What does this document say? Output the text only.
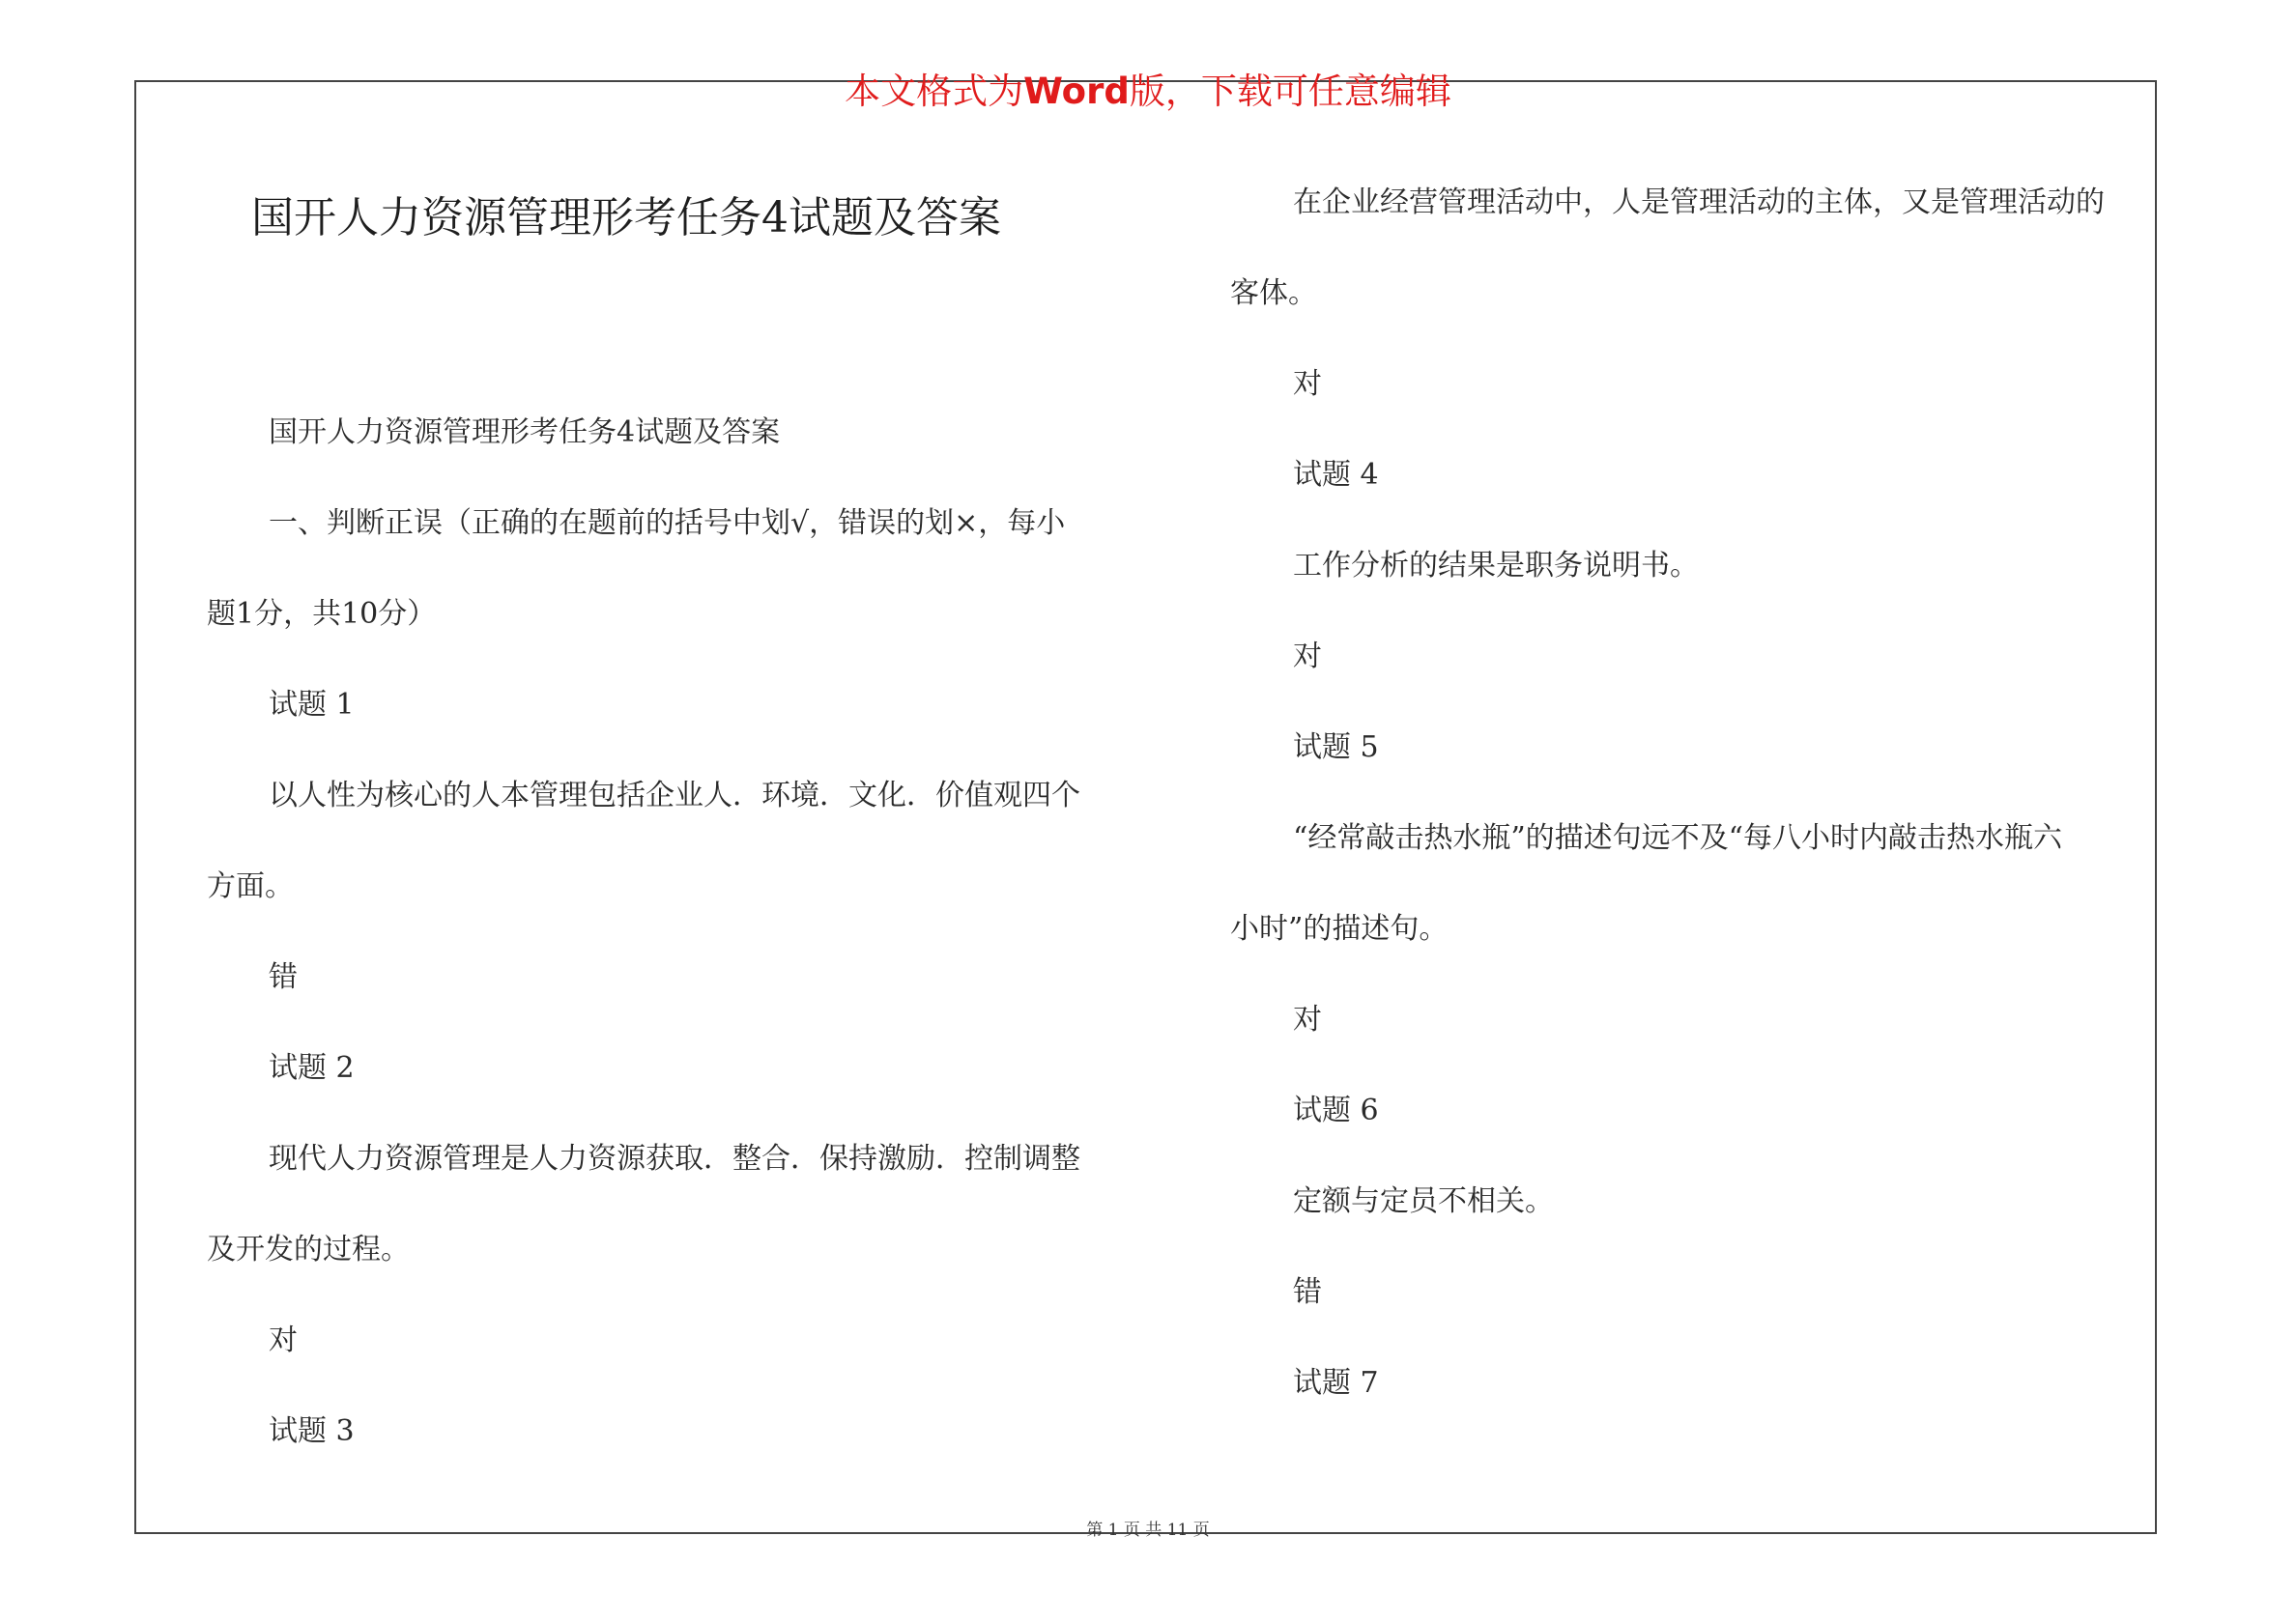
本文格式为Word版，下载可任意编辑
国开人力资源管理形考任务4试题及答案
国开人力资源管理形考任务4试题及答案
一、判断正误（正确的在题前的括号中划√，错误的划×，每小
题1分，共10分）
试题 1
以人性为核心的人本管理包括企业人．环境．文化．价值观四个
方面。
错
试题 2
现代人力资源管理是人力资源获取．整合．保持激励．控制调整
及开发的过程。
对
试题 3
在企业经营管理活动中，人是管理活动的主体，又是管理活动的
客体。
对
试题 4
工作分析的结果是职务说明书。
对
试题 5
“经常敲击热水瓶”的描述句远不及“每八小时内敲击热水瓶六
小时”的描述句。
对
试题 6
定额与定员不相关。
错
试题 7
第 1 页 共 11 页
